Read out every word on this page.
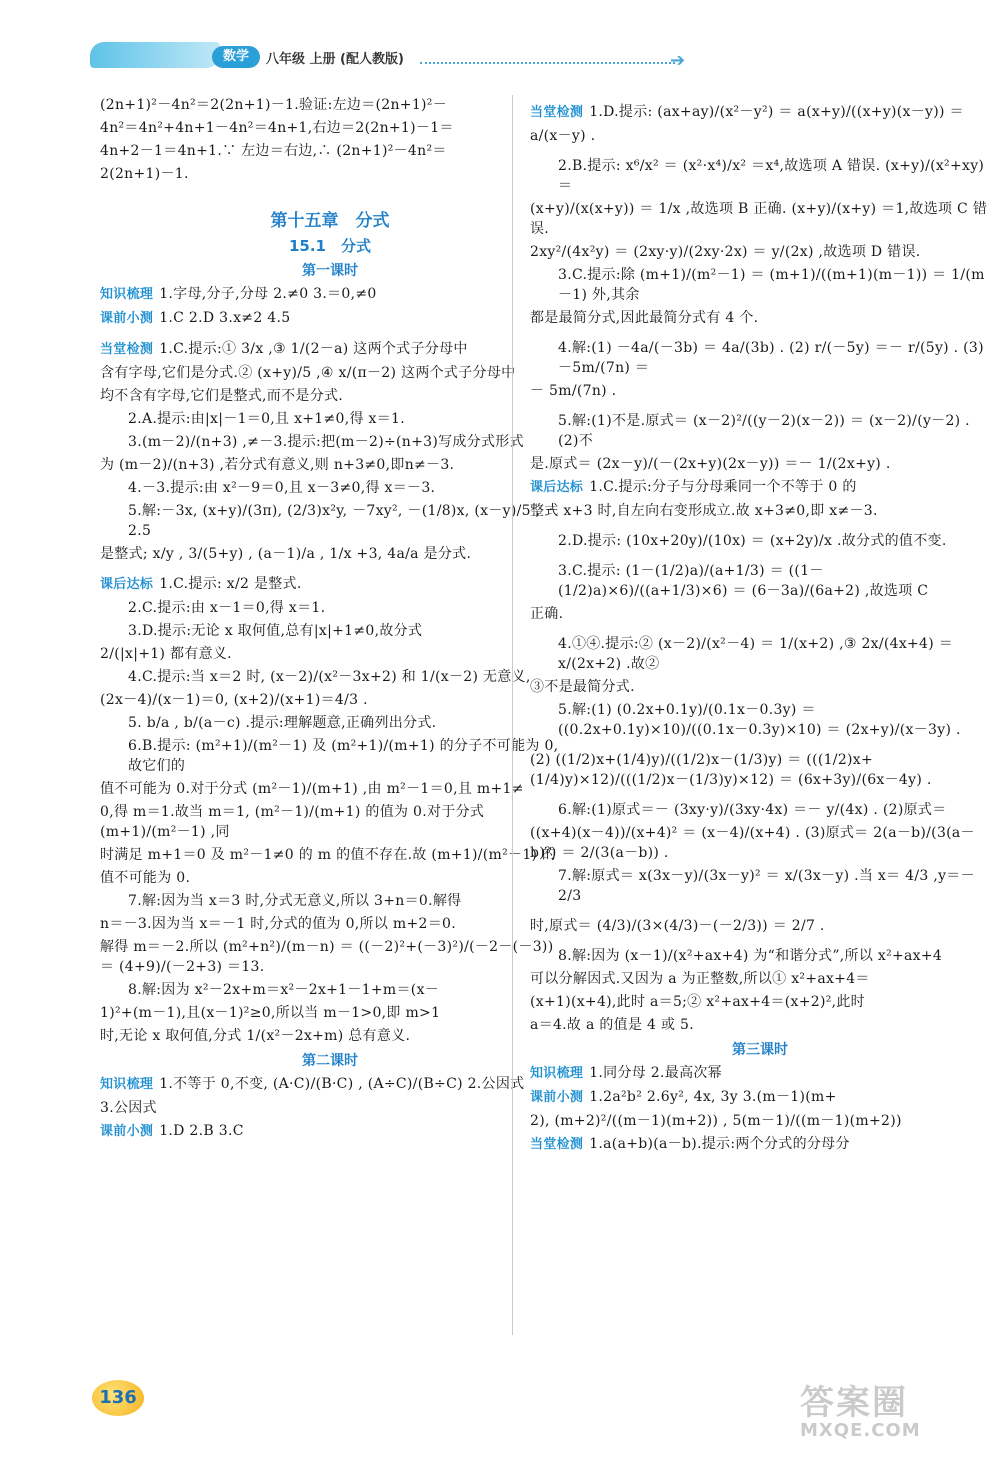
数学	八年级 上册 (配人教版)	➔
(2n+1)²－4n²＝2(2n+1)－1.验证:左边＝(2n+1)²－
4n²＝4n²+4n+1－4n²＝4n+1,右边＝2(2n+1)－1＝
4n+2－1＝4n+1.∵ 左边＝右边,∴ (2n+1)²－4n²＝
2(2n+1)－1.
第十五章　分式
15.1　分式
第一课时
知识梳理 1.字母,分子,分母 2.≠0 3.＝0,≠0
课前小测 1.C 2.D 3.x≠2 4.5
当堂检测 1.C.提示:① 3/x ,③ 1/(2－a) 这两个式子分母中
含有字母,它们是分式.② (x+y)/5 ,④ x/(π－2) 这两个式子分母中
均不含有字母,它们是整式,而不是分式.
2.A.提示:由|x|－1＝0,且 x+1≠0,得 x＝1.
3.(m－2)/(n+3) ,≠－3.提示:把(m－2)÷(n+3)写成分式形式
为 (m－2)/(n+3) ,若分式有意义,则 n+3≠0,即n≠－3.
4.－3.提示:由 x²－9＝0,且 x－3≠0,得 x＝－3.
5.解:－3x, (x+y)/(3π), (2/3)x²y, －7xy², －(1/8)x, (x－y)/5 , －2.5
是整式; x/y , 3/(5+y) , (a－1)/a , 1/x +3, 4a/a 是分式.
课后达标 1.C.提示: x/2 是整式.
2.C.提示:由 x－1＝0,得 x＝1.
3.D.提示:无论 x 取何值,总有|x|+1≠0,故分式
2/(|x|+1) 都有意义.
4.C.提示:当 x＝2 时, (x－2)/(x²－3x+2) 和 1/(x－2) 无意义,
(2x－4)/(x－1)＝0, (x+2)/(x+1)＝4/3 .
5. b/a , b/(a－c) .提示:理解题意,正确列出分式.
6.B.提示: (m²+1)/(m²－1) 及 (m²+1)/(m+1) 的分子不可能为 0,故它们的
值不可能为 0.对于分式 (m²－1)/(m+1) ,由 m²－1＝0,且 m+1≠
0,得 m＝1.故当 m＝1, (m²－1)/(m+1) 的值为 0.对于分式 (m+1)/(m²－1) ,同
时满足 m+1＝0 及 m²－1≠0 的 m 的值不存在.故 (m+1)/(m²－1) 的
值不可能为 0.
7.解:因为当 x＝3 时,分式无意义,所以 3+n＝0.解得
n＝－3.因为当 x＝－1 时,分式的值为 0,所以 m+2＝0.
解得 m＝－2.所以 (m²+n²)/(m－n) ＝ ((－2)²+(－3)²)/(－2－(－3)) ＝ (4+9)/(－2+3) ＝13.
8.解:因为 x²－2x+m＝x²－2x+1－1+m＝(x－
1)²+(m－1),且(x－1)²≥0,所以当 m－1>0,即 m>1
时,无论 x 取何值,分式 1/(x²－2x+m) 总有意义.
第二课时
知识梳理 1.不等于 0,不变, (A·C)/(B·C) , (A÷C)/(B÷C) 2.公因式
3.公因式
课前小测 1.D 2.B 3.C
当堂检测 1.D.提示: (ax+ay)/(x²－y²) ＝ a(x+y)/((x+y)(x－y)) ＝
a/(x－y) .
2.B.提示: x⁶/x² ＝ (x²·x⁴)/x² ＝x⁴,故选项 A 错误. (x+y)/(x²+xy) ＝
(x+y)/(x(x+y)) ＝ 1/x ,故选项 B 正确. (x+y)/(x+y) ＝1,故选项 C 错误.
2xy²/(4x²y) ＝ (2xy·y)/(2xy·2x) ＝ y/(2x) ,故选项 D 错误.
3.C.提示:除 (m+1)/(m²－1) ＝ (m+1)/((m+1)(m－1)) ＝ 1/(m－1) 外,其余
都是最简分式,因此最简分式有 4 个.
4.解:(1) －4a/(－3b) ＝ 4a/(3b) . (2) r/(－5y) ＝－ r/(5y) . (3) －5m/(7n) ＝
－ 5m/(7n) .
5.解:(1)不是.原式＝ (x－2)²/((y－2)(x－2)) ＝ (x－2)/(y－2) . (2)不
是.原式＝ (2x－y)/(－(2x+y)(2x－y)) ＝－ 1/(2x+y) .
课后达标 1.C.提示:分子与分母乘同一个不等于 0 的
整式 x+3 时,自左向右变形成立.故 x+3≠0,即 x≠－3.
2.D.提示: (10x+20y)/(10x) ＝ (x+2y)/x .故分式的值不变.
3.C.提示: (1－(1/2)a)/(a+1/3) ＝ ((1－(1/2)a)×6)/((a+1/3)×6) ＝ (6－3a)/(6a+2) ,故选项 C
正确.
4.①④.提示:② (x－2)/(x²－4) ＝ 1/(x+2) ,③ 2x/(4x+4) ＝ x/(2x+2) .故②
③不是最简分式.
5.解:(1) (0.2x+0.1y)/(0.1x－0.3y) ＝ ((0.2x+0.1y)×10)/((0.1x－0.3y)×10) ＝ (2x+y)/(x－3y) .
(2) ((1/2)x+(1/4)y)/((1/2)x－(1/3)y) ＝ (((1/2)x+(1/4)y)×12)/(((1/2)x－(1/3)y)×12) ＝ (6x+3y)/(6x－4y) .
6.解:(1)原式＝－ (3xy·y)/(3xy·4x) ＝－ y/(4x) . (2)原式＝
((x+4)(x－4))/(x+4)² ＝ (x－4)/(x+4) . (3)原式＝ 2(a－b)/(3(a－b)²) ＝ 2/(3(a－b)) .
7.解:原式＝ x(3x－y)/(3x－y)² ＝ x/(3x－y) .当 x＝ 4/3 ,y＝－ 2/3
时,原式＝ (4/3)/(3×(4/3)－(－2/3)) ＝ 2/7 .
8.解:因为 (x－1)/(x²+ax+4) 为“和谐分式”,所以 x²+ax+4
可以分解因式.又因为 a 为正整数,所以① x²+ax+4＝
(x+1)(x+4),此时 a＝5;② x²+ax+4＝(x+2)²,此时
a＝4.故 a 的值是 4 或 5.
第三课时
知识梳理 1.同分母 2.最高次幂
课前小测 1.2a²b² 2.6y², 4x, 3y 3.(m－1)(m+
2), (m+2)²/((m－1)(m+2)) , 5(m－1)/((m－1)(m+2))
当堂检测 1.a(a+b)(a－b).提示:两个分式的分母分
136	答案圈
MXQE.COM
